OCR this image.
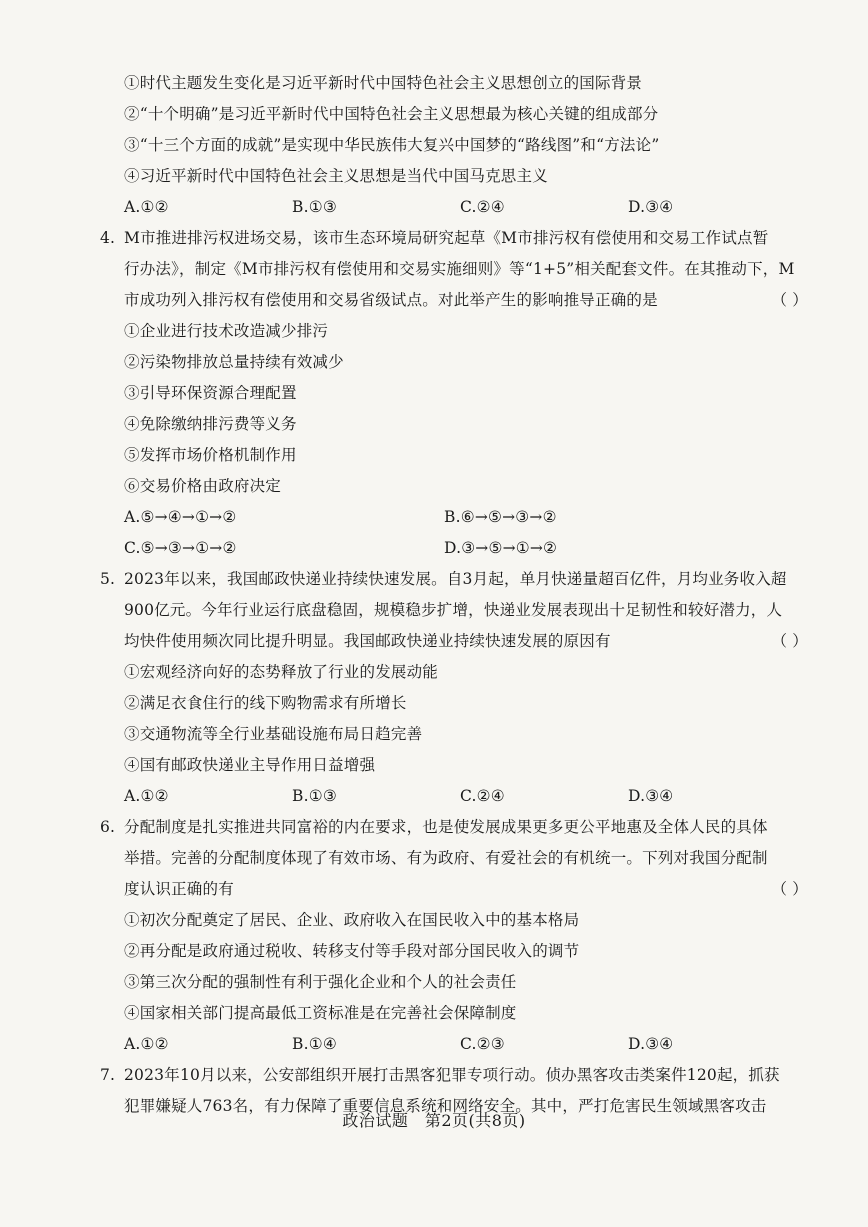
①时代主题发生变化是习近平新时代中国特色社会主义思想创立的国际背景
②“十个明确”是习近平新时代中国特色社会主义思想最为核心关键的组成部分
③“十三个方面的成就”是实现中华民族伟大复兴中国梦的“路线图”和“方法论”
④习近平新时代中国特色社会主义思想是当代中国马克思主义
A.①②	B.①③	C.②④	D.③④
4. M市推进排污权进场交易，该市生态环境局研究起草《M市排污权有偿使用和交易工作试点暂
行办法》，制定《M市排污权有偿使用和交易实施细则》等“1+5”相关配套文件。在其推动下，M
市成功列入排污权有偿使用和交易省级试点。对此举产生的影响推导正确的是	（ ）
①企业进行技术改造减少排污
②污染物排放总量持续有效减少
③引导环保资源合理配置
④免除缴纳排污费等义务
⑤发挥市场价格机制作用
⑥交易价格由政府决定
A.⑤→④→①→②	B.⑥→⑤→③→②
C.⑤→③→①→②	D.③→⑤→①→②
5. 2023年以来，我国邮政快递业持续快速发展。自3月起，单月快递量超百亿件，月均业务收入超
900亿元。今年行业运行底盘稳固，规模稳步扩增，快递业发展表现出十足韧性和较好潜力，人
均快件使用频次同比提升明显。我国邮政快递业持续快速发展的原因有	（ ）
①宏观经济向好的态势释放了行业的发展动能
②满足衣食住行的线下购物需求有所增长
③交通物流等全行业基础设施布局日趋完善
④国有邮政快递业主导作用日益增强
A.①②	B.①③	C.②④	D.③④
6. 分配制度是扎实推进共同富裕的内在要求，也是使发展成果更多更公平地惠及全体人民的具体
举措。完善的分配制度体现了有效市场、有为政府、有爱社会的有机统一。下列对我国分配制
度认识正确的有	（ ）
①初次分配奠定了居民、企业、政府收入在国民收入中的基本格局
②再分配是政府通过税收、转移支付等手段对部分国民收入的调节
③第三次分配的强制性有利于强化企业和个人的社会责任
④国家相关部门提高最低工资标准是在完善社会保障制度
A.①②	B.①④	C.②③	D.③④
7. 2023年10月以来，公安部组织开展打击黑客犯罪专项行动。侦办黑客攻击类案件120起，抓获
犯罪嫌疑人763名，有力保障了重要信息系统和网络安全。其中，严打危害民生领域黑客攻击
政治试题　第2页(共8页)
